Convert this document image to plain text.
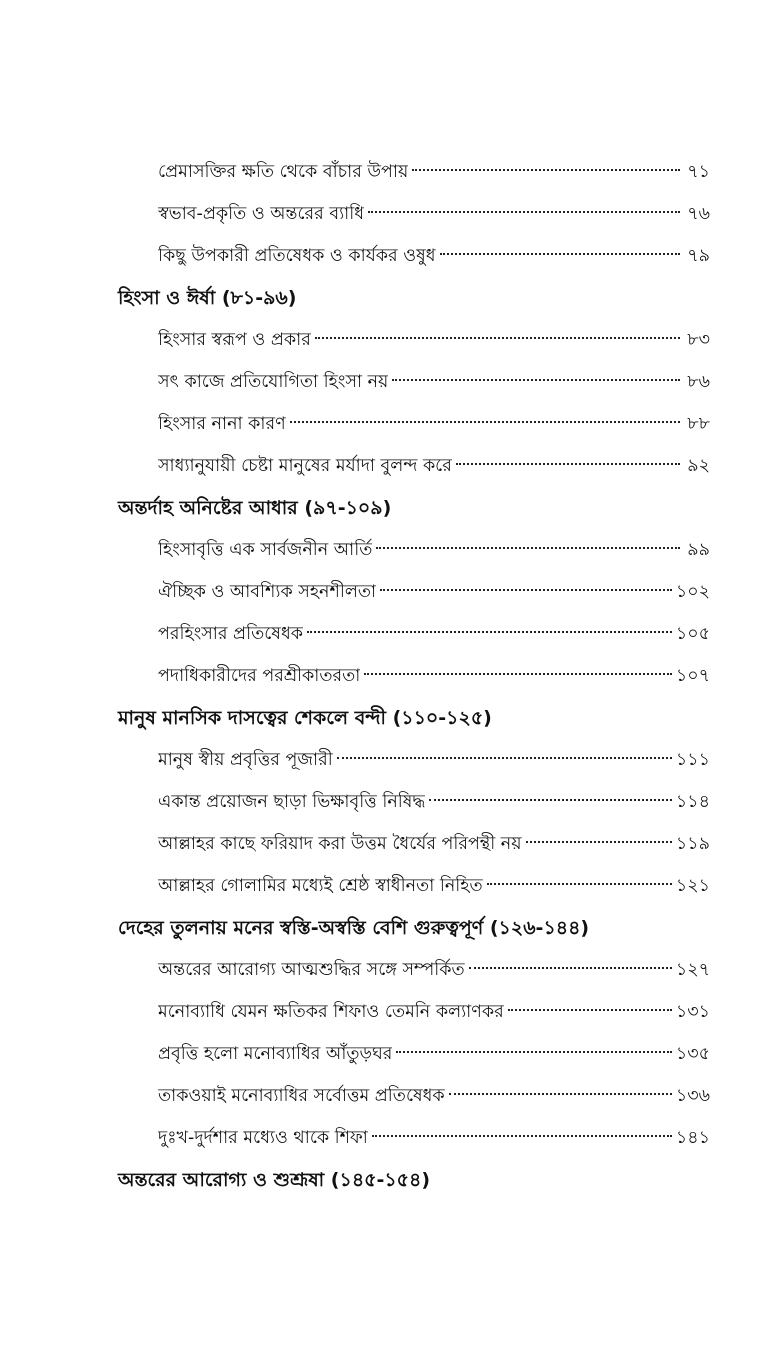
প্রেমাসক্তির ক্ষতি থেকে বাঁচার উপায়	৭১
স্বভাব-প্রকৃতি ও অন্তরের ব্যাধি	৭৬
কিছু উপকারী প্রতিষেধক ও কার্যকর ওষুধ	৭৯
হিংসা ও ঈর্ষা (৮১-৯৬)
হিংসার স্বরূপ ও প্রকার	৮৩
সৎ কাজে প্রতিযোগিতা হিংসা নয়	৮৬
হিংসার নানা কারণ	৮৮
সাধ্যানুযায়ী চেষ্টা মানুষের মর্যাদা বুলন্দ করে	৯২
অন্তর্দাহ অনিষ্টের আধার (৯৭-১০৯)
হিংসাবৃত্তি এক সার্বজনীন আর্তি	৯৯
ঐচ্ছিক ও আবশ্যিক সহনশীলতা	১০২
পরহিংসার প্রতিষেধক	১০৫
পদাধিকারীদের পরশ্রীকাতরতা	১০৭
মানুষ মানসিক দাসত্বের শেকলে বন্দী (১১০-১২৫)
মানুষ স্বীয় প্রবৃত্তির পূজারী	১১১
একান্ত প্রয়োজন ছাড়া ভিক্ষাবৃত্তি নিষিদ্ধ	১১৪
আল্লাহর কাছে ফরিয়াদ করা উত্তম ধৈর্যের পরিপন্থী নয়	১১৯
আল্লাহর গোলামির মধ্যেই শ্রেষ্ঠ স্বাধীনতা নিহিত	১২১
দেহের তুলনায় মনের স্বস্তি-অস্বস্তি বেশি গুরুত্বপূর্ণ (১২৬-১৪৪)
অন্তরের আরোগ্য আত্মশুদ্ধির সঙ্গে সম্পর্কিত	১২৭
মনোব্যাধি যেমন ক্ষতিকর শিফাও তেমনি কল্যাণকর	১৩১
প্রবৃত্তি হলো মনোব্যাধির আঁতুড়ঘর	১৩৫
তাকওয়াই মনোব্যাধির সর্বোত্তম প্রতিষেধক	১৩৬
দুঃখ-দুর্দশার মধ্যেও থাকে শিফা	১৪১
অন্তরের আরোগ্য ও শুশ্রূষা (১৪৫-১৫৪)
